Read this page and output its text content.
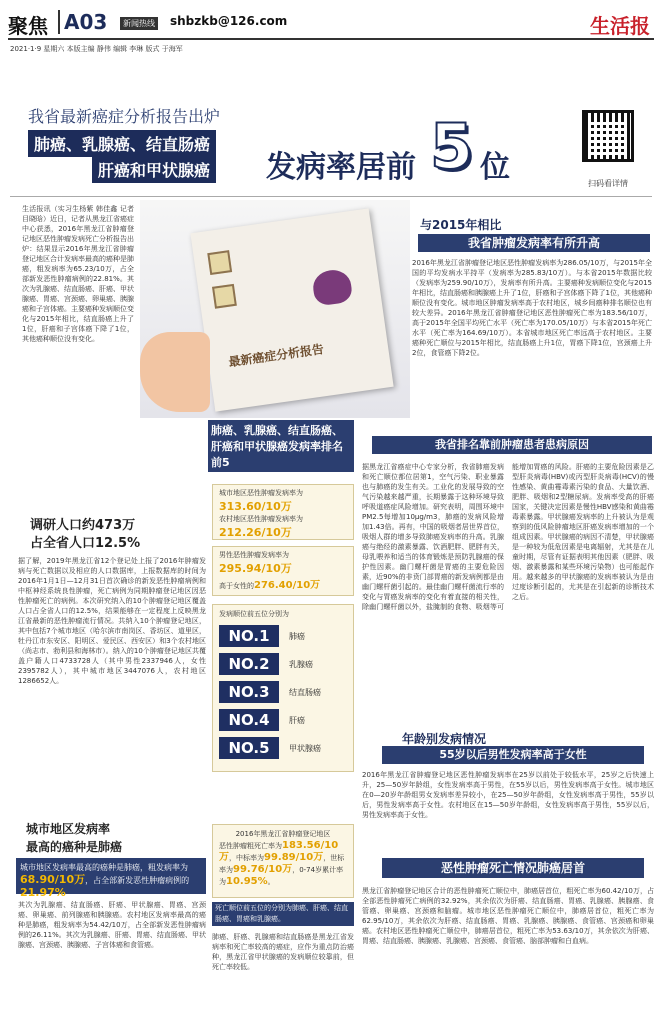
聚焦 A03	新闻热线 shbzkb@126.com	生活报
2021·1·9 星期六 本版主编 静伟 编辑 李琳 版式 于海军
我省最新癌症分析报告出炉
肺癌、乳腺癌、结直肠癌
肝癌和甲状腺癌 发病率居前 5 位	扫码看详情
生活报讯（实习生杨紫 韩佳鑫 记者目晓晗）近日，记者从黑龙江省癌症中心获悉，2016年黑龙江省肿瘤登记地区恶性肿瘤发病死亡分析报告出炉：结果显示2016年黑龙江省肿瘤登记地区合计发病率最高的癌种是肺癌，粗发病率为65.23/10万，占全部新发恶性肿瘤病例的22.81%。其次为乳腺癌、结直肠癌、肝癌、甲状腺癌、胃癌、宫颈癌、卵巢癌、胰腺癌和子宫体癌。主要癌种发病顺位变化与2015年相比，结直肠癌上升了1位，肝癌和子宫体癌下降了1位，其他癌种顺位没有变化。
最新癌症分析报告
肺癌、乳腺癌、结直肠癌、肝癌和甲状腺癌发病率排名前5
与2015年相比
我省肿瘤发病率有所升高
2016年黑龙江省肿瘤登记地区恶性肿瘤发病率为286.05/10万，与2015年全国的平均发病水平持平（发病率为285.83/10万）。与本省2015年数据比较（发病率为259.90/10万），发病率有所升高。主要癌种发病顺位变化与2015年相比，结直肠癌和胰腺癌上升了1位，肝癌和子宫体癌下降了1位，其他癌种顺位没有变化。城市地区肿瘤发病率高于农村地区，城乡间癌种排名顺位也有较大差异。2016年黑龙江省肿瘤登记地区恶性肿瘤死亡率为183.56/10万，高于2015年全国平均死亡水平（死亡率为170.05/10万）与本省2015年死亡水平（死亡率为164.69/10万）。本省城市地区死亡率远高于农村地区。主要癌种死亡顺位与2015年相比，结直肠癌上升1位，胃癌下降1位，宫颈癌上升2位，食管癌下降2位。
调研人口约473万
占全省人口12.5%
据了解，2019年黑龙江省12个登记处上报了2016年肿瘤发病与死亡数据以及相应的人口数据库，上报数据库的时间为2016年1月1日—12月31日首次确诊的新发恶性肿瘤病例和中枢神经系统良性肿瘤，死亡病例为同期肿瘤登记地区因恶性肿瘤死亡的病例。本次研究纳入的10个肿瘤登记地区覆盖人口占全省人口的12.5%，结果能够在一定程度上反映黑龙江省最新的恶性肿瘤流行情况。共纳入10个肿瘤登记地区，其中包括7个城市地区（哈尔滨市南岗区、香坊区、道里区，牡丹江市东安区、阳明区、爱民区、西安区）和3个农村地区（尚志市、勃利县和海林市）。纳入的10个肿瘤登记地区共覆盖户籍人口4733728人（其中男性2337946人，女性2395782人），其中城市地区3447076人，农村地区1286652人。
城市地区发病率
最高的癌种是肺癌
城市地区发病率最高的癌种是肺癌，粗发病率为68.90/10万，占全部新发恶性肿瘤病例的21.97%
其次为乳腺癌、结直肠癌、肝癌、甲状腺癌、胃癌、宫颈癌、卵巢癌、前列腺癌和胰腺癌。农村地区发病率最高的癌种是肺癌，粗发病率为54.42/10万，占全部新发恶性肿瘤病例的26.11%。其次为乳腺癌、肝癌、胃癌、结直肠癌、甲状腺癌、宫颈癌、胰腺癌、子宫体癌和食管癌。
城市地区恶性肿瘤发病率为
313.60/10万
农村地区恶性肿瘤发病率为
212.26/10万
男性恶性肿瘤发病率为
295.94/10万
高于女性的276.40/10万
发病顺位前五位分别为
NO.1	肺癌
NO.2	乳腺癌
NO.3	结直肠癌
NO.4	肝癌
NO.5	甲状腺癌
2016年黑龙江省肿瘤登记地区
恶性肿瘤粗死亡率为183.56/10万，中标率为99.89/10万，世标率为99.76/10万，0-74岁累计率为10.95%。
死亡顺位前五位的分别为肺癌、肝癌、结直肠癌、胃癌和乳腺癌。
肺癌、肝癌、乳腺癌和结直肠癌是黑龙江省发病率和死亡率较高的癌症，应作为重点防治癌种，黑龙江省甲状腺癌的发病顺位较靠前，但死亡率较低。
我省排名靠前肿瘤患者患病原因
据黑龙江省癌症中心专家分析，我省肺癌发病和死亡顺位都位居第1，空气污染、职业暴露也与肺癌的发生有关。工业化的发展导致的空气污染越来越严重，长期暴露于这种环境导致呼吸道癌症风险增加。研究表明，周围环境中PM2.5每增加10μg/m3，肺癌的发病风险增加1.43倍。再有，中国的吸烟者居世界首位，吸烟人群的增多导致肺癌发病率的升高。乳腺癌与绝经的激素暴露、饮酒肥胖、肥胖有关，母乳喂养和适当的体育锻炼是预防乳腺癌的保护性因素。幽门螺杆菌是胃癌的主要危险因素，近90%的非贲门部胃癌的新发病例都是由幽门螺杆菌引起的。最佳幽门螺杆菌流行率的变化与胃癌发病率的变化有着直接的相关性，除幽门螺杆菌以外，盐腌制的食物、吸烟等可能增加胃癌的风险。肝癌的主要危险因素是乙型肝炎病毒(HBV)或丙型肝炎病毒(HCV)的慢性感染、黄曲霉毒素污染的食品、大量饮酒、肥胖、吸烟和2型糖尿病。发病率受高的肝癌国家，关键决定因素是慢性HBV感染和黄曲霉毒素暴露。甲状腺癌发病率的上升被认为是观察到的低风险肿瘤地区肝癌发病率增加的一个组成因素。甲状腺癌的病因不清楚，甲状腺癌是一种较为低危因素是电离辐射，尤其是在儿童时期，尽管有证据表明其他因素（肥胖、吸烟、激素暴露和某些环境污染物）也可能起作用。越来越多的甲状腺癌的发病率被认为是由过度诊断引起的，尤其是在引起新的诊断技术之后。
年龄别发病情况
55岁以后男性发病率高于女性
2016年黑龙江省肿瘤登记地区恶性肿瘤发病率在25岁以前处于较低水平，25岁之后快速上升，25—50岁年龄组，女性发病率高于男性，在55岁以后，男性发病率高于女性。城市地区在0—20岁年龄组男女发病率差异较小，在25—50岁年龄组，女性发病率高于男性，55岁以后，男性发病率高于女性。农村地区在15—50岁年龄组，女性发病率高于男性，55岁以后，男性发病率高于女性。
恶性肿瘤死亡情况肺癌居首
黑龙江省肿瘤登记地区合计的恶性肿瘤死亡顺位中，肺癌居首位，粗死亡率为60.42/10万，占全部恶性肿瘤死亡病例的32.92%，其余依次为肝癌、结直肠癌、胃癌、乳腺癌、胰腺癌、食管癌、卵巢癌、宫颈癌和脑瘤。城市地区恶性肿瘤死亡顺位中，肺癌居首位，粗死亡率为62.95/10万，其余依次为肝癌、结直肠癌、胃癌、乳腺癌、胰腺癌、食管癌、宫颈癌和卵巢癌。农村地区恶性肿瘤死亡顺位中，肺癌居首位，粗死亡率为53.63/10万，其余依次为肝癌、胃癌、结直肠癌、胰腺癌、乳腺癌、宫颈癌、食管癌、脑部肿瘤和白血病。
